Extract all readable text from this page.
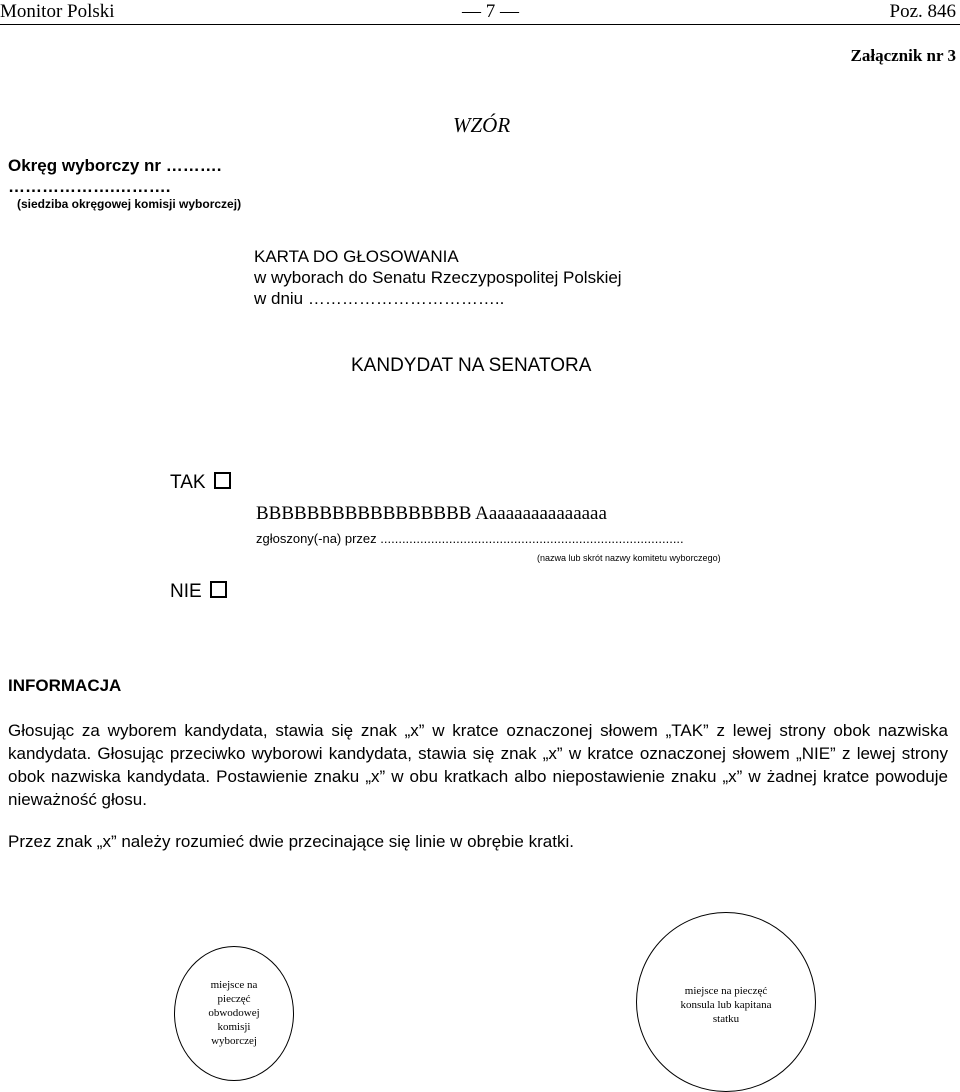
Monitor Polski	— 7 —	Poz. 846
Załącznik nr 3
WZÓR
Okręg wyborczy nr ……….
……………….……….
(siedziba okręgowej komisji wyborczej)
KARTA DO GŁOSOWANIA
w wyborach do Senatu Rzeczypospolitej Polskiej
w dniu ……………………………..
KANDYDAT NA SENATORA
TAK
BBBBBBBBBBBBBBBBB Aaaaaaaaaaaaaaa
zgłoszony(-na) przez ....................................................................................
(nazwa lub skrót nazwy komitetu wyborczego)
NIE
INFORMACJA
Głosując za wyborem kandydata, stawia się znak „x” w kratce oznaczonej słowem „TAK” z lewej strony obok nazwiska kandydata. Głosując przeciwko wyborowi kandydata, stawia się znak „x” w kratce oznaczonej słowem „NIE” z lewej strony obok nazwiska kandydata. Postawienie znaku „x” w obu kratkach albo niepostawienie znaku „x” w żadnej kratce powoduje nieważność głosu.
Przez znak „x” należy rozumieć dwie przecinające się linie w obrębie kratki.
miejsce na pieczęć obwodowej komisji wyborczej
miejsce na pieczęć konsula lub kapitana statku
